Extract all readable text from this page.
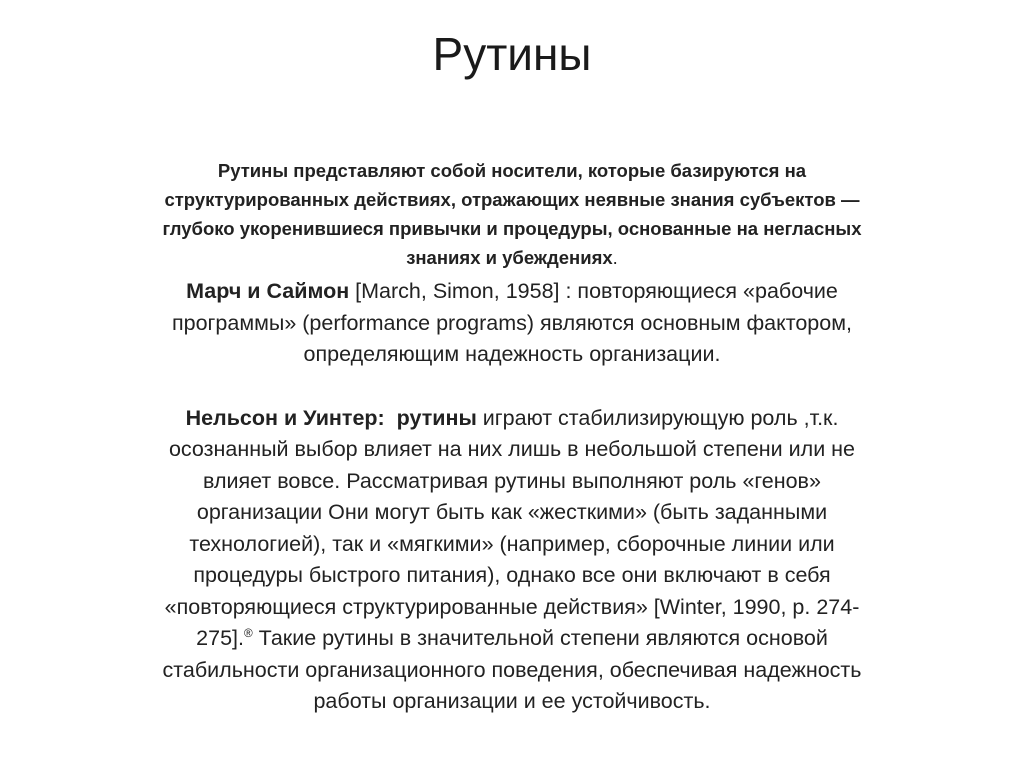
Рутины

Рутины представляют собой носители, которые базируются на
структурированных действиях, отражающих неявные знания субъектов —
глубоко укоренившиеся привычки и процедуры, основанные на негласных
знаниях и убеждениях.

Марч и Саймон [March, Simon, 1958] : повторяющиеся «рабочие
программы» (performance programs) являются основным фактором,
определяющим надежность организации.

Нельсон и Уинтер: рутины играют стабилизирующую роль ,т.к.
осознанный выбор влияет на них лишь в небольшой степени или не
влияет вовсе. Рассматривая рутины выполняют роль «генов»
организации Они могут быть как «жесткими» (быть заданными
технологией), так и «мягкими» (например, сборочные линии или
процедуры быстрого питания), однако все они включают в себя
«повторяющиеся структурированные действия» [Winter, 1990, p. 274-
275].® Такие рутины в значительной степени являются основой
стабильности организационного поведения, обеспечивая надежность
работы организации и ее устойчивость.
